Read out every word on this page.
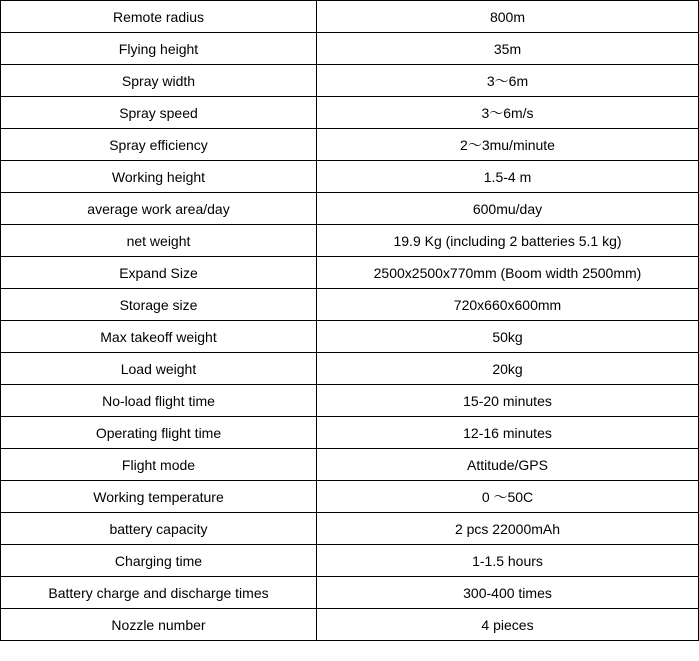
Remote radius	800m
Flying height	35m
Spray width	3～6m
Spray speed	3～6m/s
Spray efficiency	2～3mu/minute
Working height	1.5-4 m
average work area/day	600mu/day
net weight	19.9 Kg (including 2 batteries 5.1 kg)
Expand Size	2500x2500x770mm (Boom width 2500mm)
Storage size	720x660x600mm
Max takeoff weight	50kg
Load weight	20kg
No-load flight time	15-20 minutes
Operating flight time	12-16 minutes
Flight mode	Attitude/GPS
Working temperature	0 ～50C
battery capacity	2 pcs 22000mAh
Charging time	1-1.5 hours
Battery charge and discharge times	300-400 times
Nozzle number	4 pieces
